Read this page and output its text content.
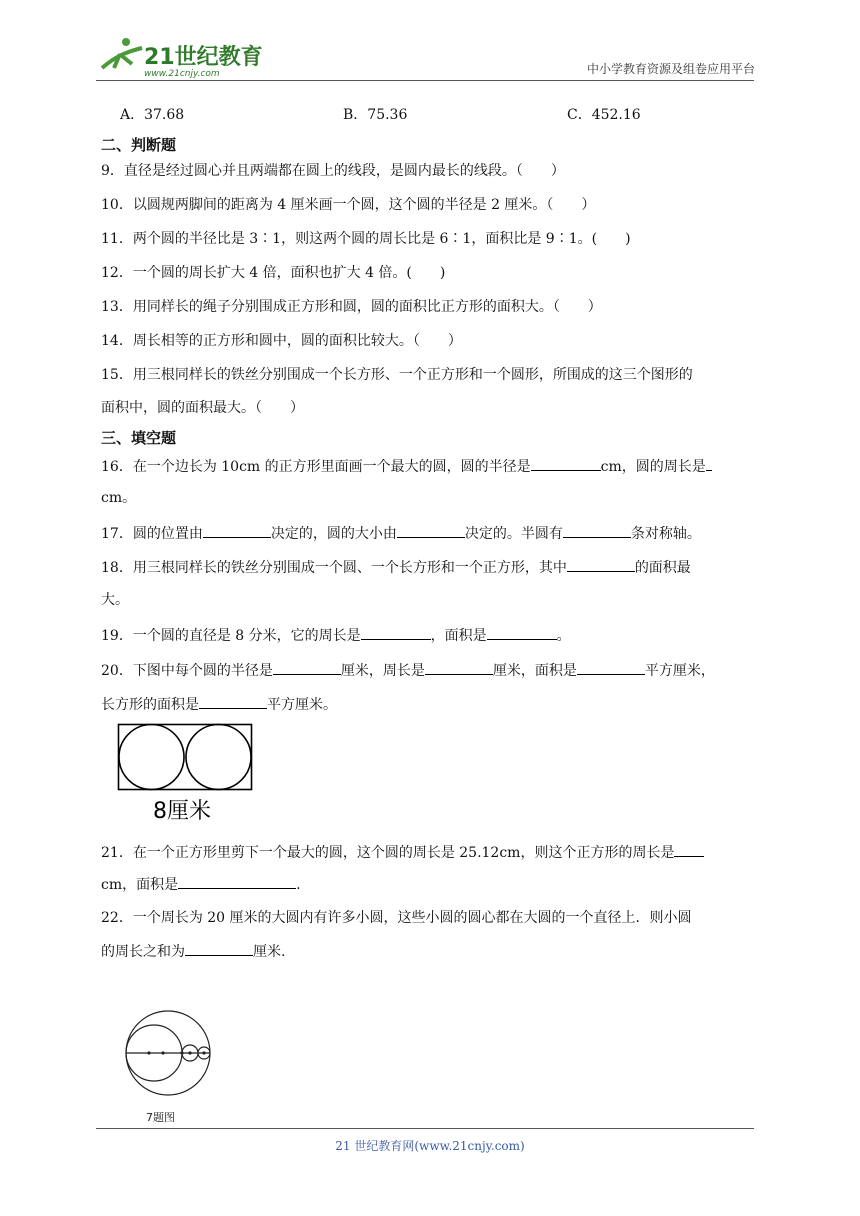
21世纪教育
www.21cnjy.com	中小学教育资源及组卷应用平台
A．37.68	B．75.36	C．452.16
二、判断题
9．直径是经过圆心并且两端都在圆上的线段，是圆内最长的线段。（　　）
10．以圆规两脚间的距离为 4 厘米画一个圆，这个圆的半径是 2 厘米。（　　）
11．两个圆的半径比是 3∶1，则这两个圆的周长比是 6∶1，面积比是 9∶1。(　　)
12．一个圆的周长扩大 4 倍，面积也扩大 4 倍。(　　)
13．用同样长的绳子分别围成正方形和圆，圆的面积比正方形的面积大。（　　）
14．周长相等的正方形和圆中，圆的面积比较大。（　　）
15．用三根同样长的铁丝分别围成一个长方形、一个正方形和一个圆形，所围成的这三个图形的
面积中，圆的面积最大。（　　）
三、填空题
16．在一个边长为 10cm 的正方形里面画一个最大的圆，圆的半径是	cm，圆的周长是
cm。
17．圆的位置由	决定的，圆的大小由	决定的。半圆有	条对称轴。
18．用三根同样长的铁丝分别围成一个圆、一个长方形和一个正方形，其中	的面积最
大。
19．一个圆的直径是 8 分米，它的周长是	，面积是	。
20．下图中每个圆的半径是	厘米，周长是	厘米，面积是	平方厘米，
长方形的面积是	平方厘米。
8厘米
21．在一个正方形里剪下一个最大的圆，这个圆的周长是 25.12cm，则这个正方形的周长是
cm，面积是	.
22．一个周长为 20 厘米的大圆内有许多小圆，这些小圆的圆心都在大圆的一个直径上．则小圆
的周长之和为	厘米.
7题图
21 世纪教育网(www.21cnjy.com)
